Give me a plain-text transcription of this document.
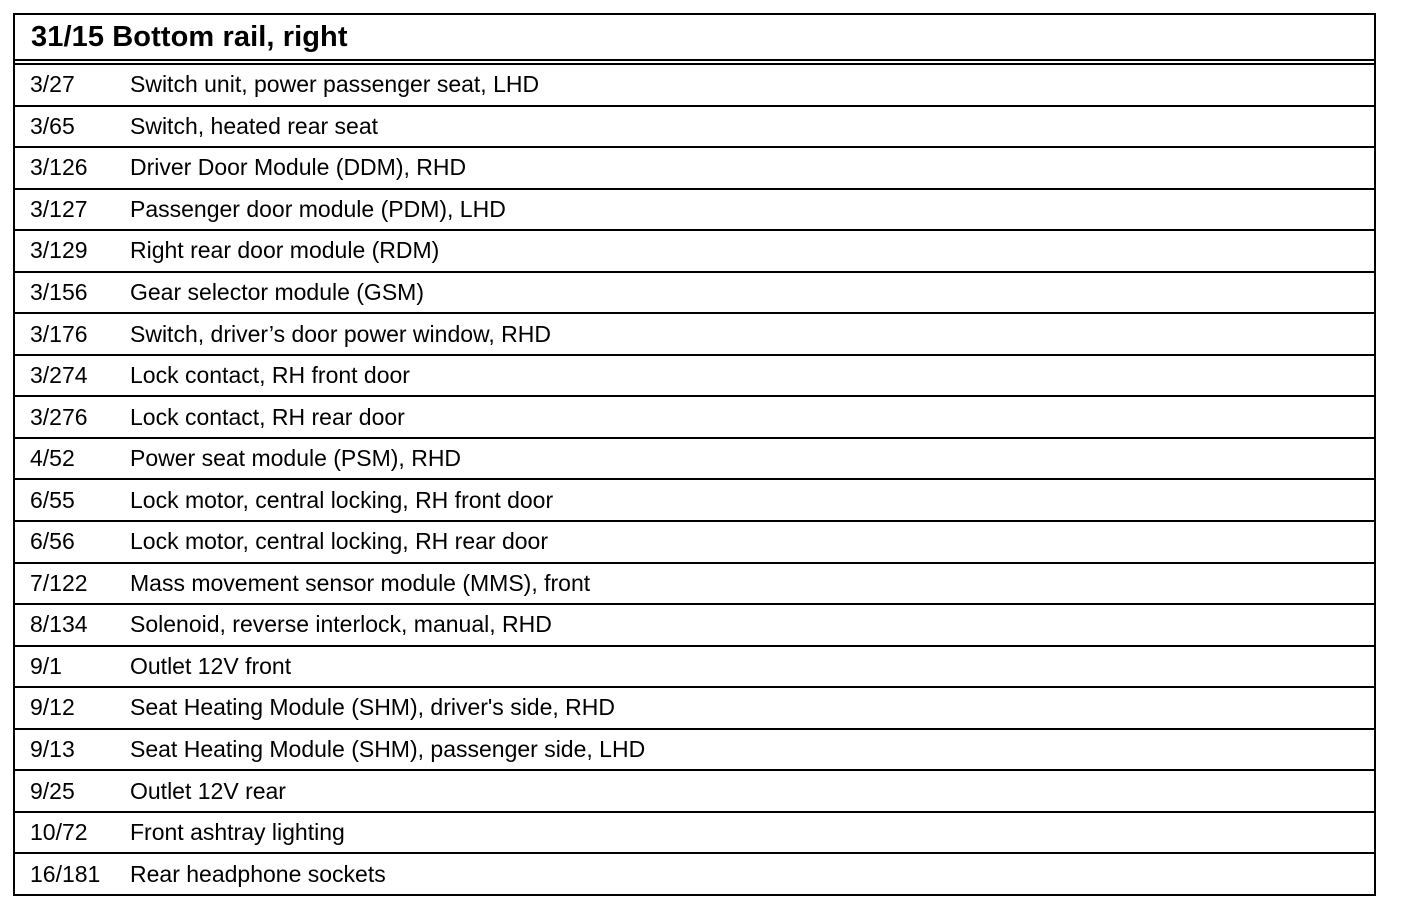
31/15 Bottom rail, right
3/27	Switch unit, power passenger seat, LHD
3/65	Switch, heated rear seat
3/126	Driver Door Module (DDM), RHD
3/127	Passenger door module (PDM), LHD
3/129	Right rear door module (RDM)
3/156	Gear selector module (GSM)
3/176	Switch, driver’s door power window, RHD
3/274	Lock contact, RH front door
3/276	Lock contact, RH rear door
4/52	Power seat module (PSM), RHD
6/55	Lock motor, central locking, RH front door
6/56	Lock motor, central locking, RH rear door
7/122	Mass movement sensor module (MMS), front
8/134	Solenoid, reverse interlock, manual, RHD
9/1	Outlet 12V front
9/12	Seat Heating Module (SHM), driver's side, RHD
9/13	Seat Heating Module (SHM), passenger side, LHD
9/25	Outlet 12V rear
10/72	Front ashtray lighting
16/181	Rear headphone sockets
